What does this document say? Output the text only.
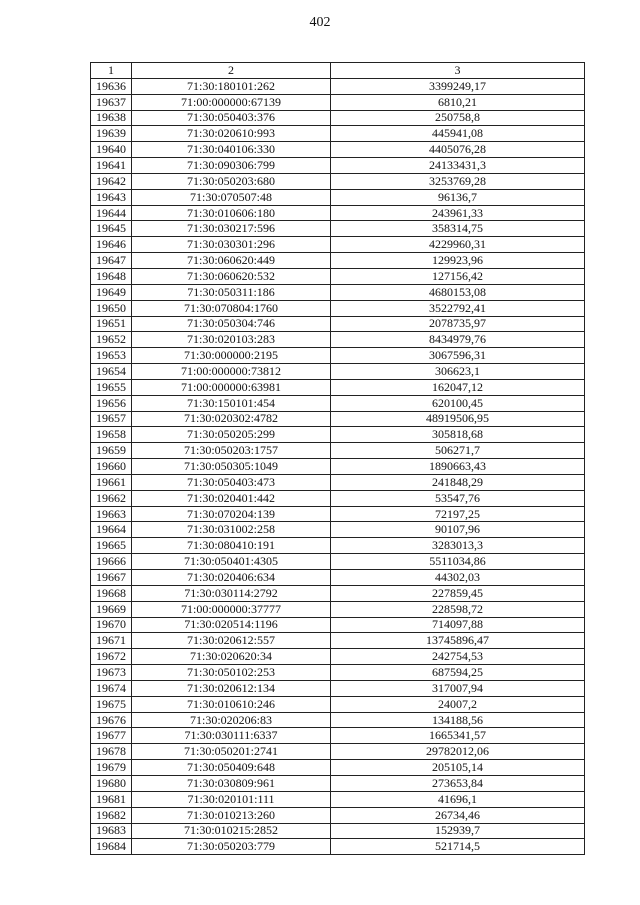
402
1	2	3
19636	71:30:180101:262	3399249,17
19637	71:00:000000:67139	6810,21
19638	71:30:050403:376	250758,8
19639	71:30:020610:993	445941,08
19640	71:30:040106:330	4405076,28
19641	71:30:090306:799	24133431,3
19642	71:30:050203:680	3253769,28
19643	71:30:070507:48	96136,7
19644	71:30:010606:180	243961,33
19645	71:30:030217:596	358314,75
19646	71:30:030301:296	4229960,31
19647	71:30:060620:449	129923,96
19648	71:30:060620:532	127156,42
19649	71:30:050311:186	4680153,08
19650	71:30:070804:1760	3522792,41
19651	71:30:050304:746	2078735,97
19652	71:30:020103:283	8434979,76
19653	71:30:000000:2195	3067596,31
19654	71:00:000000:73812	306623,1
19655	71:00:000000:63981	162047,12
19656	71:30:150101:454	620100,45
19657	71:30:020302:4782	48919506,95
19658	71:30:050205:299	305818,68
19659	71:30:050203:1757	506271,7
19660	71:30:050305:1049	1890663,43
19661	71:30:050403:473	241848,29
19662	71:30:020401:442	53547,76
19663	71:30:070204:139	72197,25
19664	71:30:031002:258	90107,96
19665	71:30:080410:191	3283013,3
19666	71:30:050401:4305	5511034,86
19667	71:30:020406:634	44302,03
19668	71:30:030114:2792	227859,45
19669	71:00:000000:37777	228598,72
19670	71:30:020514:1196	714097,88
19671	71:30:020612:557	13745896,47
19672	71:30:020620:34	242754,53
19673	71:30:050102:253	687594,25
19674	71:30:020612:134	317007,94
19675	71:30:010610:246	24007,2
19676	71:30:020206:83	134188,56
19677	71:30:030111:6337	1665341,57
19678	71:30:050201:2741	29782012,06
19679	71:30:050409:648	205105,14
19680	71:30:030809:961	273653,84
19681	71:30:020101:111	41696,1
19682	71:30:010213:260	26734,46
19683	71:30:010215:2852	152939,7
19684	71:30:050203:779	521714,5
